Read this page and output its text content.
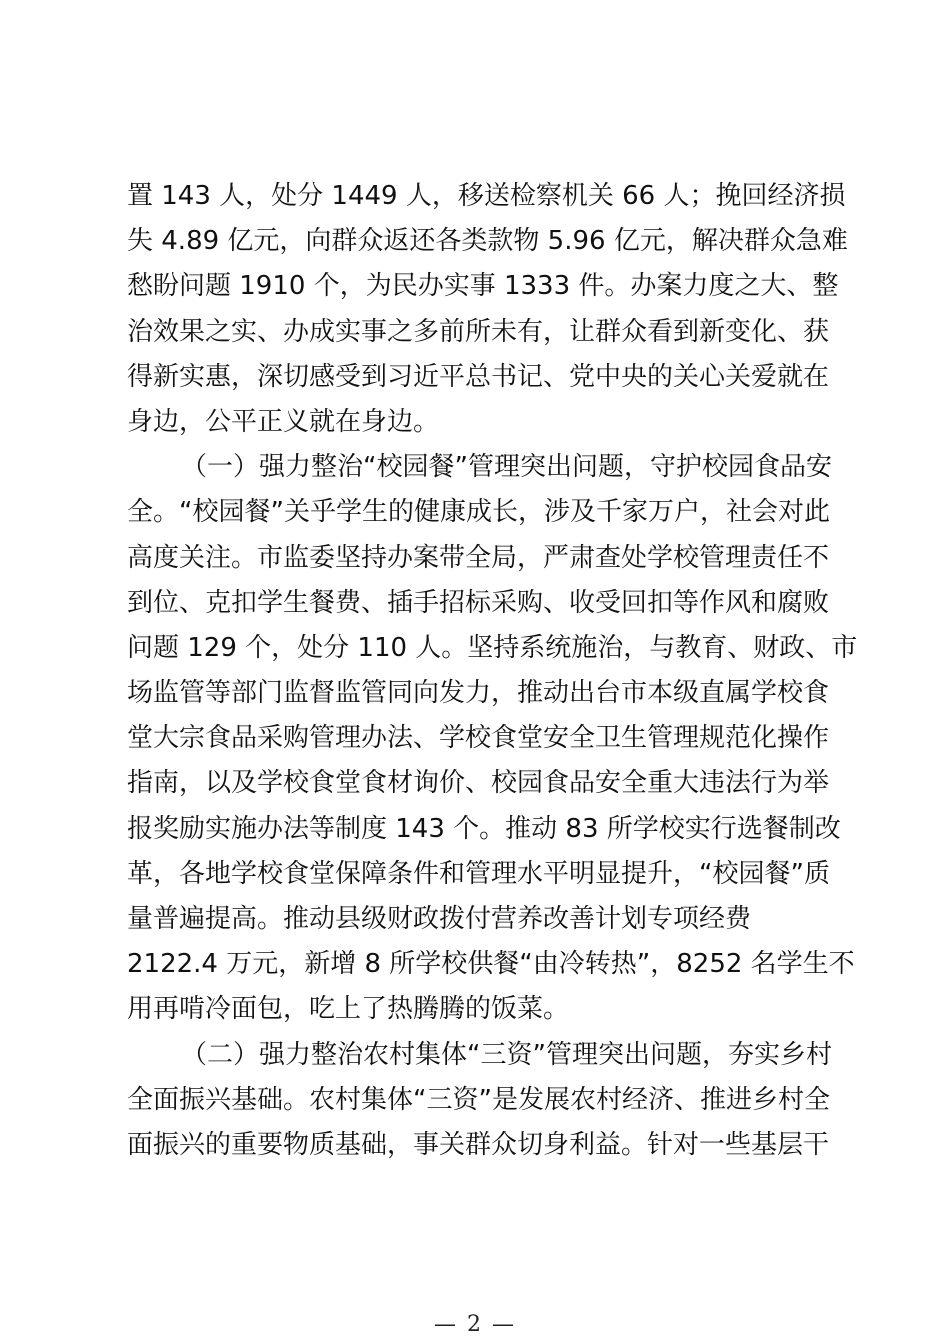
置 143 人，处分 1449 人，移送检察机关 66 人；挽回经济损
失 4.89 亿元，向群众返还各类款物 5.96 亿元，解决群众急难
愁盼问题 1910 个，为民办实事 1333 件。办案力度之大、整
治效果之实、办成实事之多前所未有，让群众看到新变化、获
得新实惠，深切感受到习近平总书记、党中央的关心关爱就在
身边，公平正义就在身边。

（一）强力整治“校园餐”管理突出问题，守护校园食品安
全。“校园餐”关乎学生的健康成长，涉及千家万户，社会对此
高度关注。市监委坚持办案带全局，严肃查处学校管理责任不
到位、克扣学生餐费、插手招标采购、收受回扣等作风和腐败
问题 129 个，处分 110 人。坚持系统施治，与教育、财政、市
场监管等部门监督监管同向发力，推动出台市本级直属学校食
堂大宗食品采购管理办法、学校食堂安全卫生管理规范化操作
指南，以及学校食堂食材询价、校园食品安全重大违法行为举
报奖励实施办法等制度 143 个。推动 83 所学校实行选餐制改
革，各地学校食堂保障条件和管理水平明显提升，“校园餐”质
量普遍提高。推动县级财政拨付营养改善计划专项经费
2122.4 万元，新增 8 所学校供餐“由冷转热”，8252 名学生不
用再啃冷面包，吃上了热腾腾的饭菜。

（二）强力整治农村集体“三资”管理突出问题，夯实乡村
全面振兴基础。农村集体“三资”是发展农村经济、推进乡村全
面振兴的重要物质基础，事关群众切身利益。针对一些基层干

— 2 —
